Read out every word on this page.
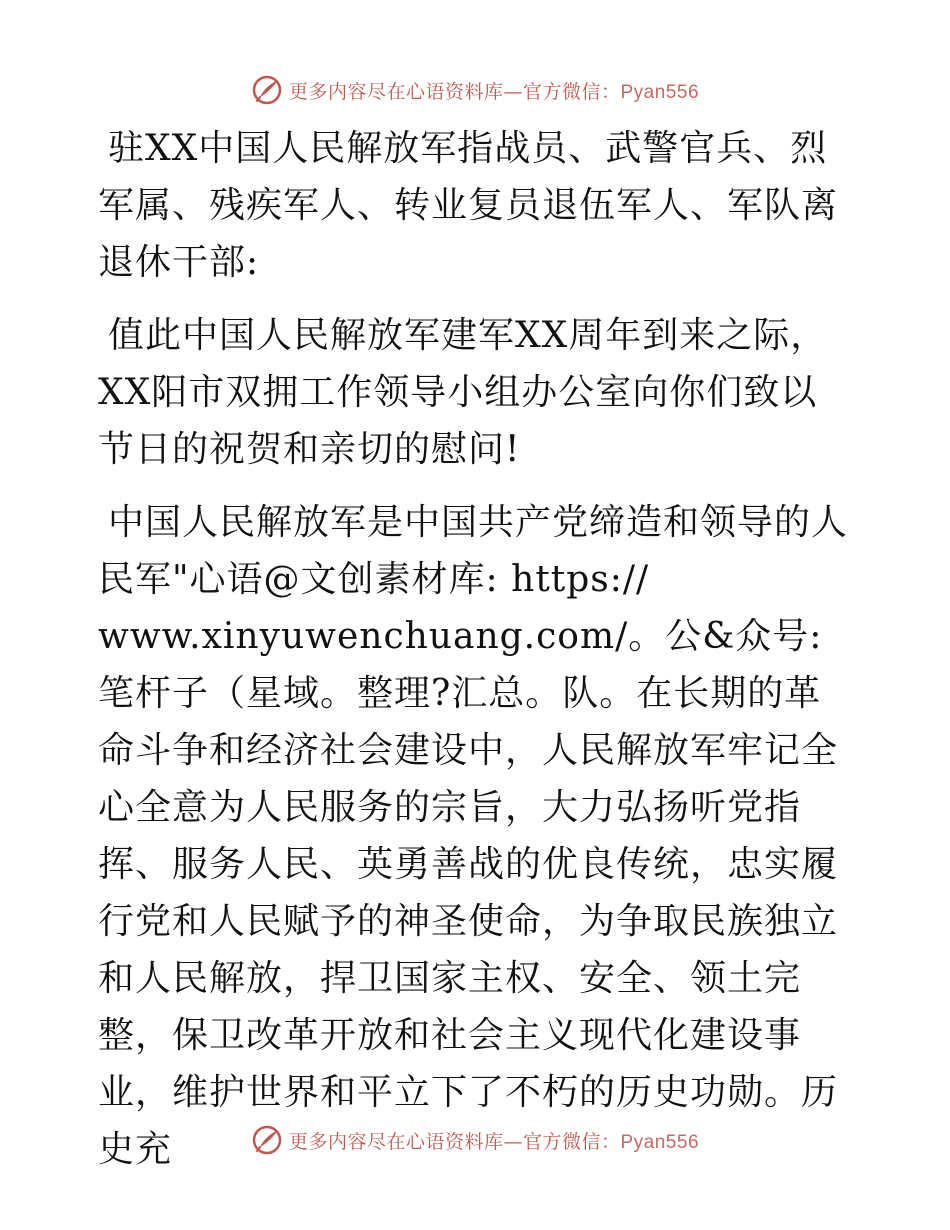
更多内容尽在心语资料库—官方微信：Pyan556

驻XX中国人民解放军指战员、武警官兵、烈军属、残疾军人、转业复员退伍军人、军队离退休干部:

值此中国人民解放军建军XX周年到来之际，XX阳市双拥工作领导小组办公室向你们致以节日的祝贺和亲切的慰问!

中国人民解放军是中国共产党缔造和领导的人民军"心语@文创素材库: https://

www.xinyuwenchuang.com/。公&众号: 笔杆子（星域。整理?汇总。队。在长期的革命斗争和经济社会建设中，人民解放军牢记全心全意为人民服务的宗旨，大力弘扬听党指挥、服务人民、英勇善战的优良传统，忠实履行党和人民赋予的神圣使命，为争取民族独立和人民解放，捍卫国家主权、安全、领土完整，保卫改革开放和社会主义现代化建设事业，维护世界和平立下了不朽的历史功勋。历史充	更多内容尽在心语资料库—官方微信：Pyan556
